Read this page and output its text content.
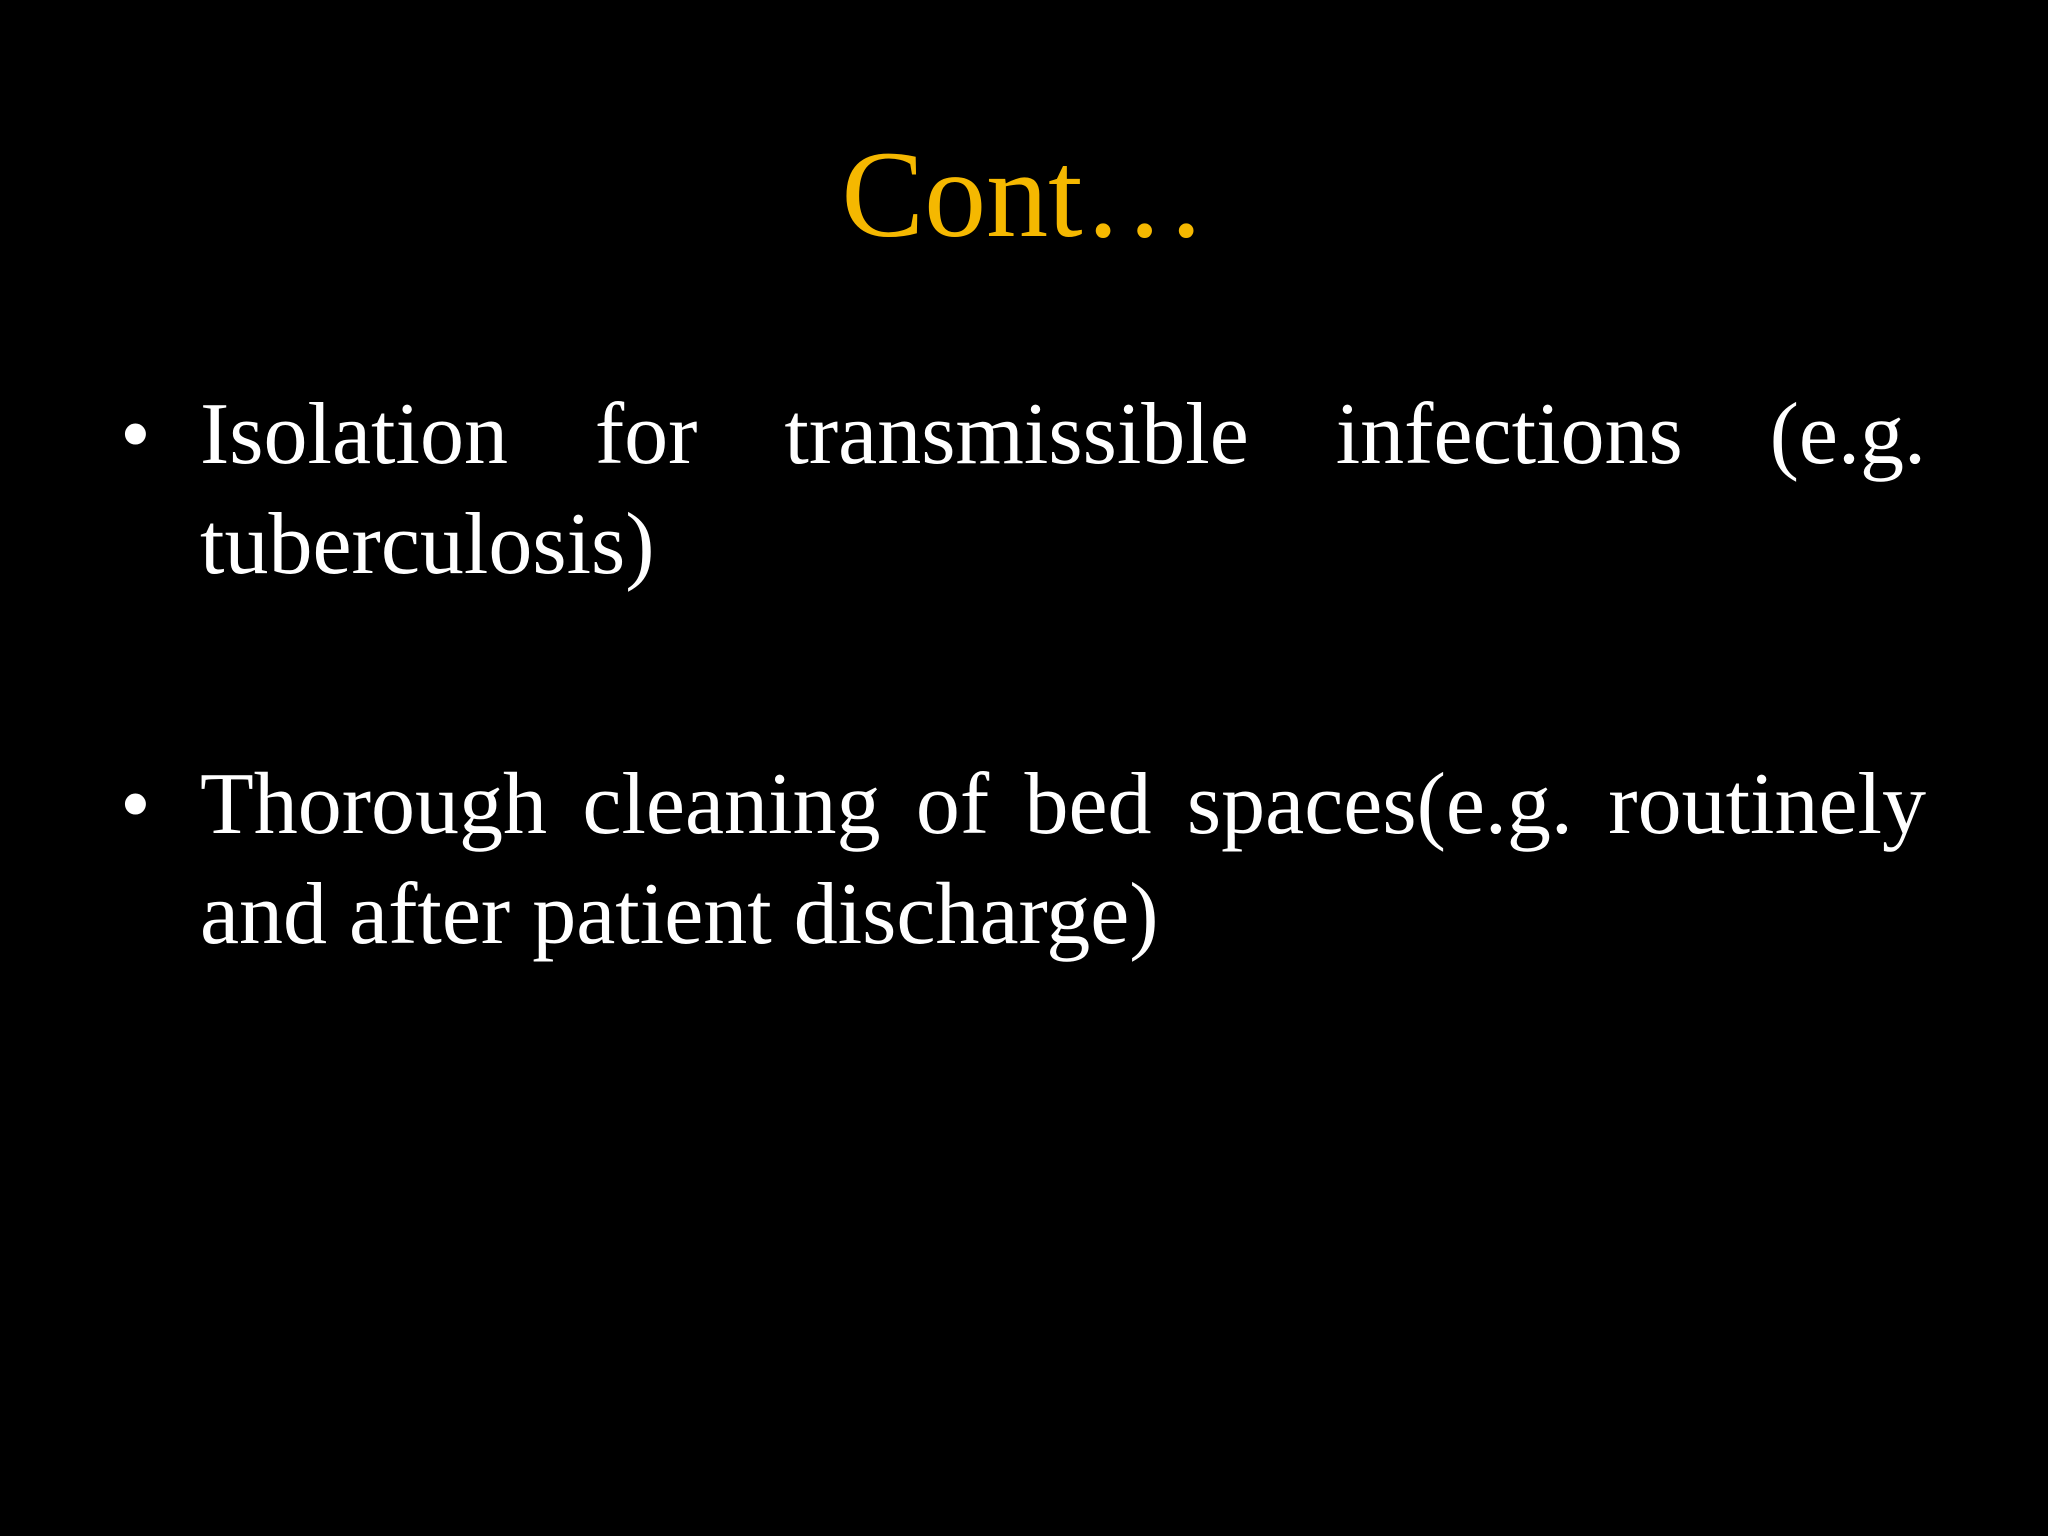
Cont…
• Isolation for transmissible infections (e.g. tuberculosis)
• Thorough cleaning of bed spaces(e.g. routinely and after patient discharge)
